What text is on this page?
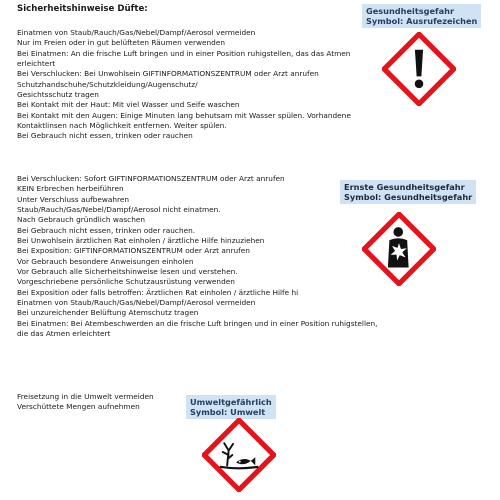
Sicherheitshinweise Düfte:
Einatmen von Staub/Rauch/Gas/Nebel/Dampf/Aerosol vermeiden
Nur im Freien oder in gut belüfteten Räumen verwenden
Bei Einatmen: An die frische Luft bringen und in einer Position ruhigstellen, das das Atmen
erleichtert
Bei Verschlucken: Bei Unwohlsein GIFTINFORMATIONSZENTRUM oder Arzt anrufen
Schutzhandschuhe/Schutzkleidung/Augenschutz/
Gesichtsschutz tragen
Bei Kontakt mit der Haut: Mit viel Wasser und Seife waschen
Bei Kontakt mit den Augen: Einige Minuten lang behutsam mit Wasser spülen. Vorhandene
Kontaktlinsen nach Möglichkeit entfernen. Weiter spülen.
Bei Gebrauch nicht essen, trinken oder rauchen
Gesundheitsgefahr
Symbol: Ausrufezeichen
Bei Verschlucken: Sofort GIFTINFORMATIONSZENTRUM oder Arzt anrufen
KEIN Erbrechen herbeiführen
Unter Verschluss aufbewahren
Staub/Rauch/Gas/Nebel/Dampf/Aerosol nicht einatmen.
Nach Gebrauch gründlich waschen
Bei Gebrauch nicht essen, trinken oder rauchen.
Bei Unwohlsein ärztlichen Rat einholen / ärztliche Hilfe hinzuziehen
Bei Exposition: GIFTINFORMATIONSZENTRUM oder Arzt anrufen
Vor Gebrauch besondere Anweisungen einholen
Vor Gebrauch alle Sicherheitshinweise lesen und verstehen.
Vorgeschriebene persönliche Schutzausrüstung verwenden
Bei Exposition oder falls betroffen: Ärztlichen Rat einholen / ärztliche Hilfe hi
Einatmen von Staub/Rauch/Gas/Nebel/Dampf/Aerosol vermeiden
Bei unzureichender Belüftung Atemschutz tragen
Bei Einatmen: Bei Atembeschwerden an die frische Luft bringen und in einer Position ruhigstellen,
die das Atmen erleichtert
Ernste Gesundheitsgefahr
Symbol: Gesundheitsgefahr
Freisetzung in die Umwelt vermeiden
Verschüttete Mengen aufnehmen	Umweltgefährlich
Symbol: Umwelt
